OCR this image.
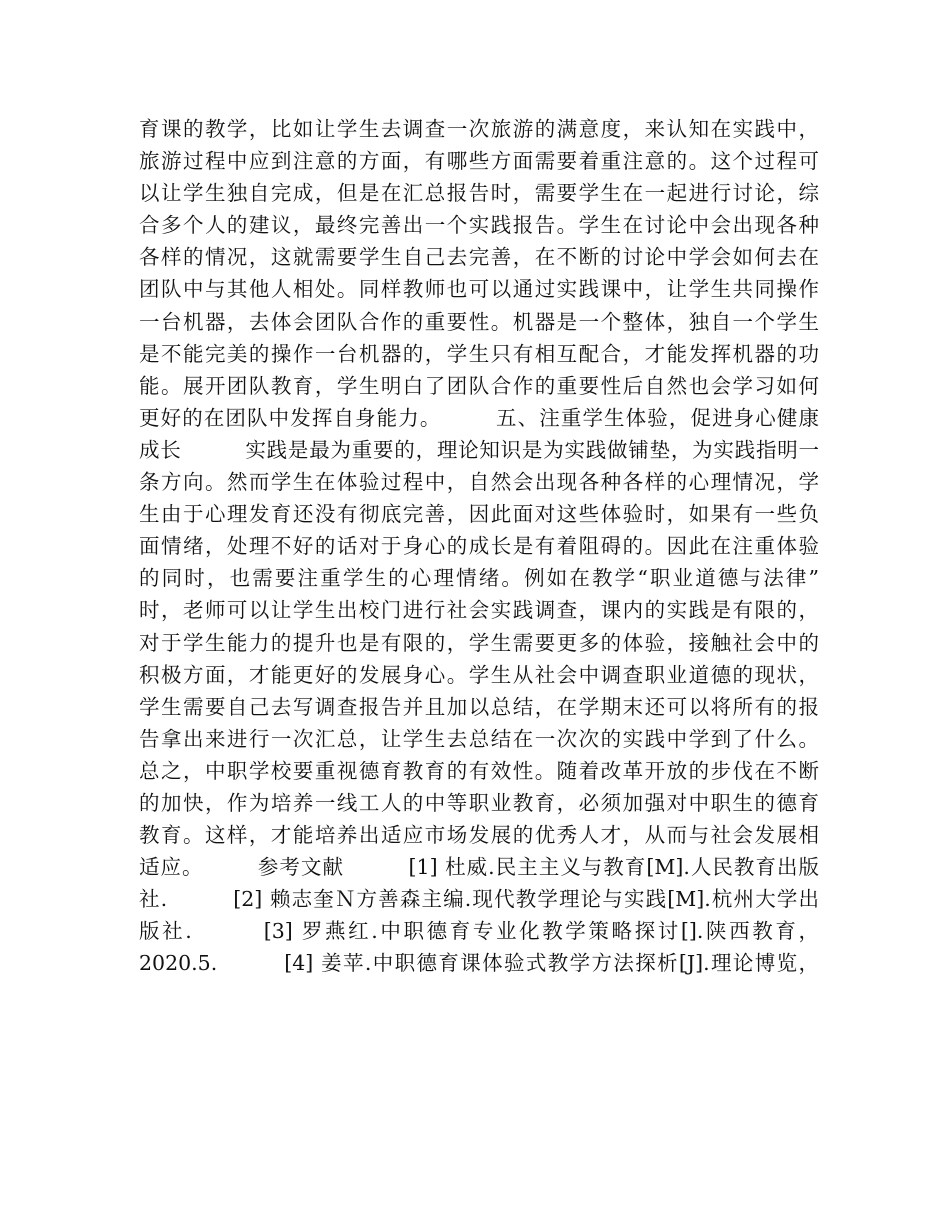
育课的教学，比如让学生去调查一次旅游的满意度，来认知在实践中，
旅游过程中应到注意的方面，有哪些方面需要着重注意的。这个过程可
以让学生独自完成，但是在汇总报告时，需要学生在一起进行讨论，综
合多个人的建议，最终完善出一个实践报告。学生在讨论中会出现各种
各样的情况，这就需要学生自己去完善，在不断的讨论中学会如何去在
团队中与其他人相处。同样教师也可以通过实践课中，让学生共同操作
一台机器，去体会团队合作的重要性。机器是一个整体，独自一个学生
是不能完美的操作一台机器的，学生只有相互配合，才能发挥机器的功
能。展开团队教育，学生明白了团队合作的重要性后自然也会学习如何
更好的在团队中发挥自身能力。　　　五、注重学生体验，促进身心健康
成长　　　实践是最为重要的，理论知识是为实践做铺垫，为实践指明一
条方向。然而学生在体验过程中，自然会出现各种各样的心理情况，学
生由于心理发育还没有彻底完善，因此面对这些体验时，如果有一些负
面情绪，处理不好的话对于身心的成长是有着阻碍的。因此在注重体验
的同时，也需要注重学生的心理情绪。例如在教学“职业道德与法律”
时，老师可以让学生出校门进行社会实践调查，课内的实践是有限的，
对于学生能力的提升也是有限的，学生需要更多的体验，接触社会中的
积极方面，才能更好的发展身心。学生从社会中调查职业道德的现状，
学生需要自己去写调查报告并且加以总结，在学期末还可以将所有的报
告拿出来进行一次汇总，让学生去总结在一次次的实践中学到了什么。
总之，中职学校要重视德育教育的有效性。随着改革开放的步伐在不断
的加快，作为培养一线工人的中等职业教育，必须加强对中职生的德育
教育。这样，才能培养出适应市场发展的优秀人才，从而与社会发展相
适应。　　　参考文献　　　[1] 杜威.民主主义与教育[M].人民教育出版
社.　　　[2] 赖志奎Ｎ方善森主编.现代教学理论与实践[M].杭州大学出
版社.　　　[3] 罗燕红.中职德育专业化教学策略探讨[].陕西教育，
2020.5.　　　[4] 姜苹.中职德育课体验式教学方法探析[J].理论博览，
